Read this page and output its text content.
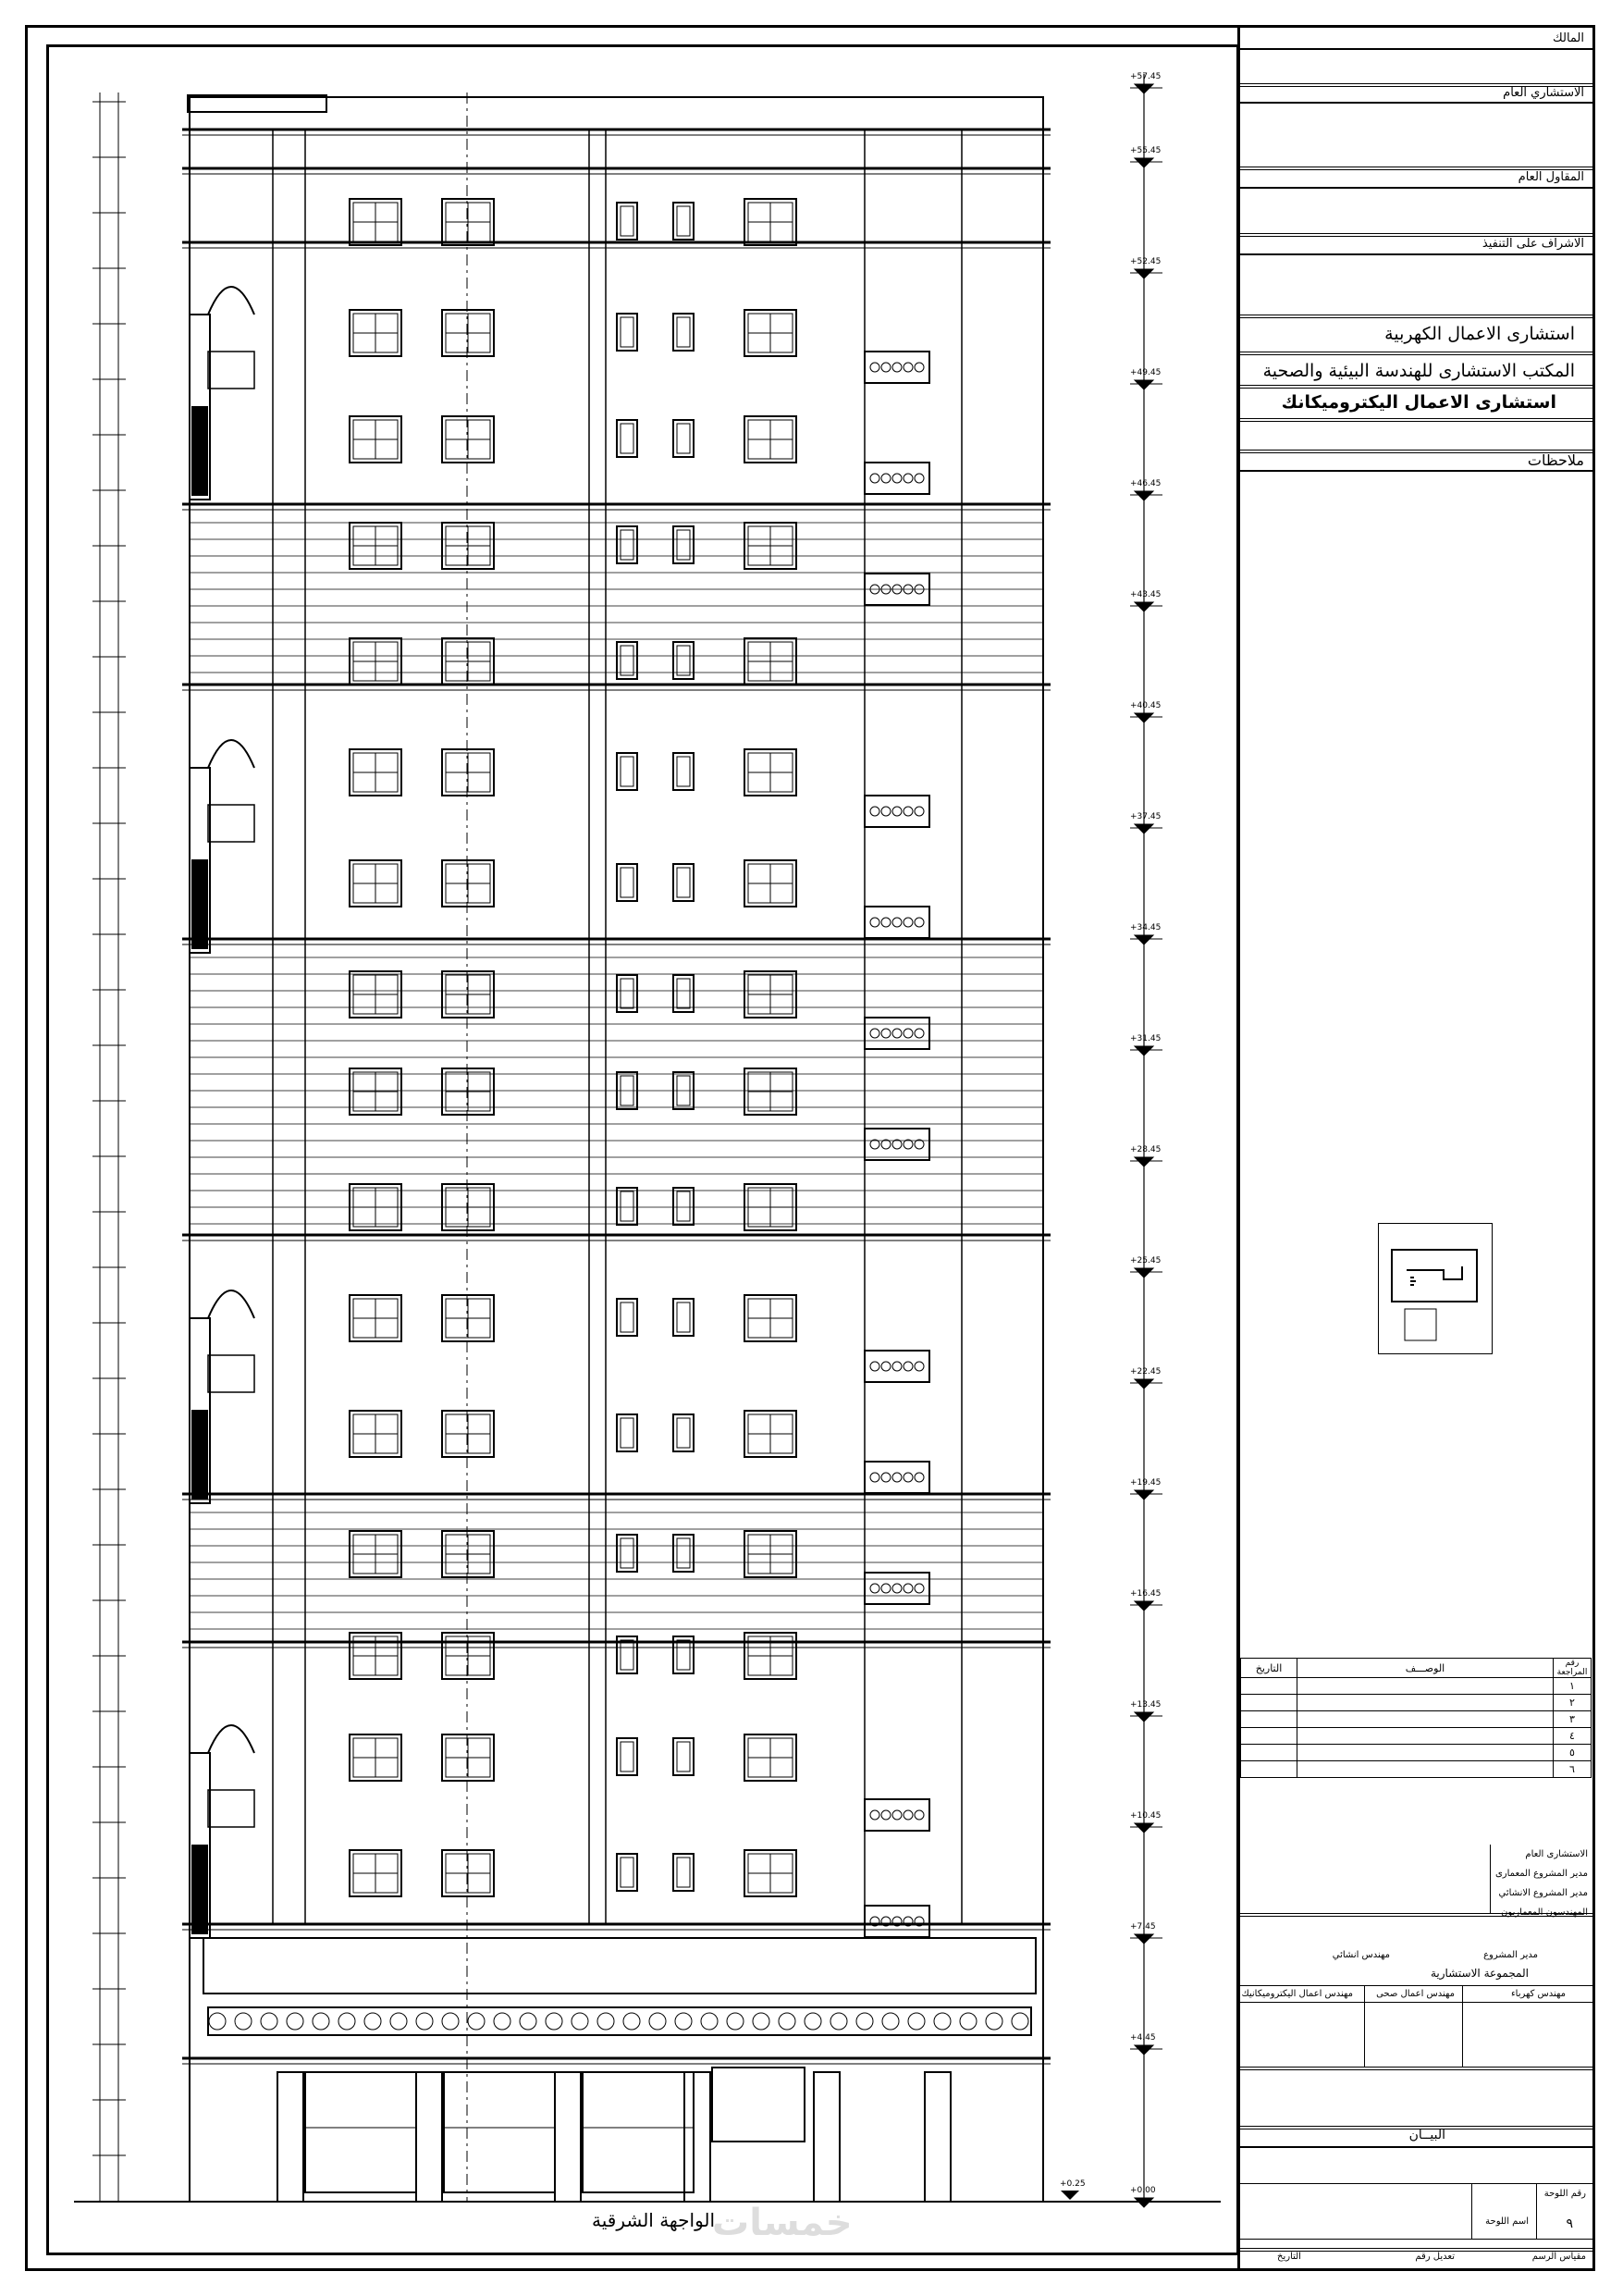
+57.45
+55.45
+52.45
+49.45
+46.45
+43.45
+40.45
+37.45
+34.45
+31.45
+28.45
+25.45
+22.45
+19.45
+16.45
+13.45
+10.45
+7.45
+4.45
+0.00
+0.25
الواجهة الشرقية
خمسات
المالك
الاستشاري العام
المقاول العام
الاشراف على التنفيذ
استشارى الاعمال الكهربية
المكتب الاستشارى للهندسة البيئية والصحية
استشارى الاعمال اليكتروميكانك
ملاحظات
الاستشارى العام
مدير المشروع المعمارى
مدير المشروع الانشائي
المهندسون المعماريون
مدير المشروع
مهندس انشائي
المجموعة الاستشارية
مهندس كهرباء
مهندس اعمال صحى
مهندس اعمال اليكتروميكانيك
البيــان
رقم اللوحة
٩
اسم اللوحة
مقياس الرسم
تعديل رقم
التاريخ
التاريخ	الوصـــف	رقم المراجعة
		١
		٢
		٣
		٤
		٥
		٦
